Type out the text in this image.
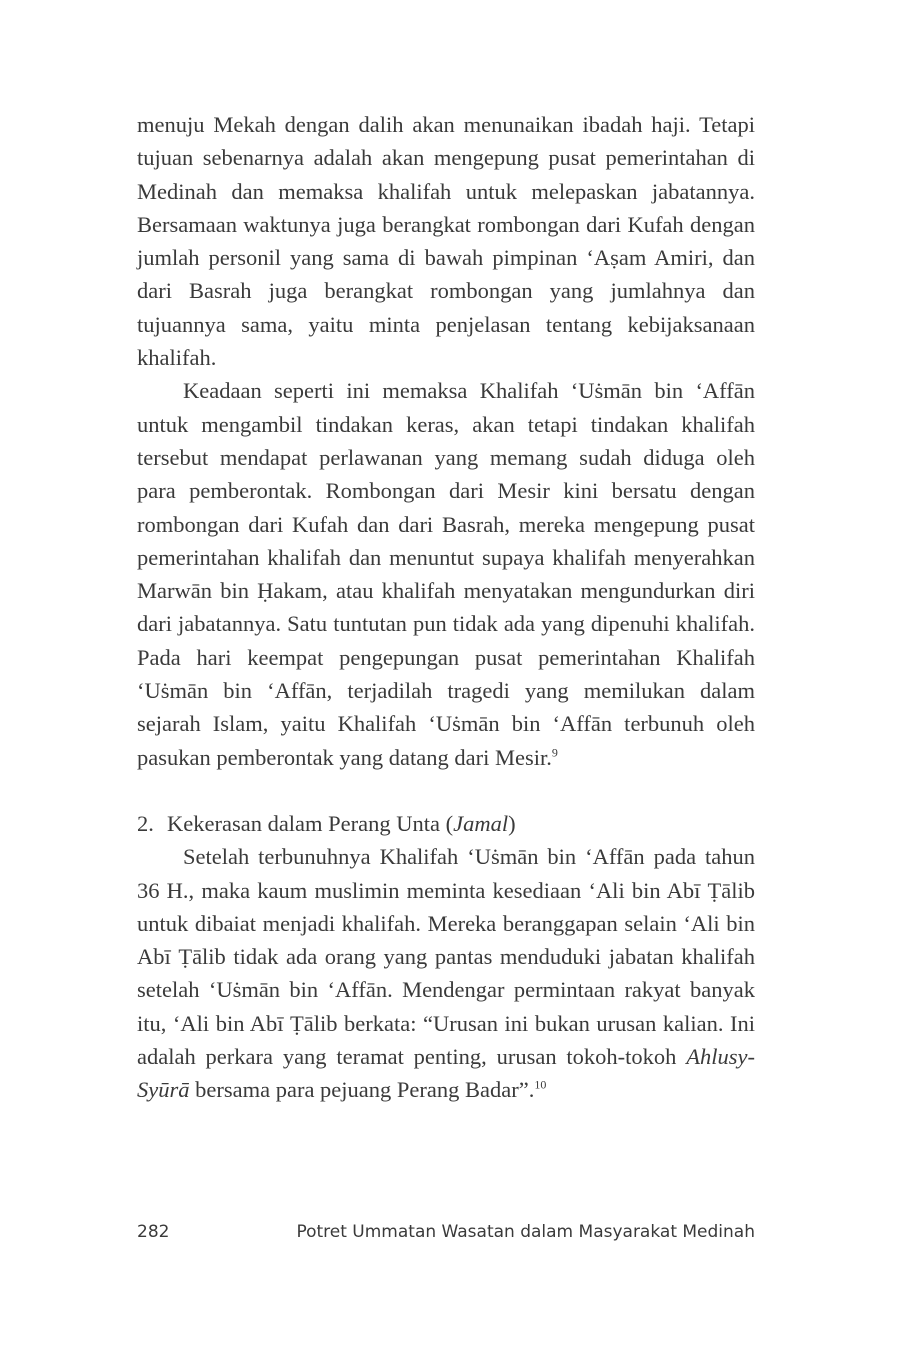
menuju Mekah dengan dalih akan menunaikan ibadah haji. Tetapi tujuan sebenarnya adalah akan mengepung pusat pemerintahan di Medinah dan memaksa khalifah untuk melepaskan jabatannya. Bersamaan waktunya juga berangkat rombongan dari Kufah dengan jumlah personil yang sama di bawah pimpinan ‘Aṣam Amiri, dan dari Basrah juga berangkat rombongan yang jumlahnya dan tujuannya sama, yaitu minta penjelasan tentang kebijaksanaan khalifah.

Keadaan seperti ini memaksa Khalifah ‘Uṡmān bin ‘Affān untuk mengambil tindakan keras, akan tetapi tindakan khalifah tersebut mendapat perlawanan yang memang sudah diduga oleh para pemberontak. Rombongan dari Mesir kini bersatu dengan rombongan dari Kufah dan dari Basrah, mereka mengepung pusat pemerintahan khalifah dan menuntut supaya khalifah menyerahkan Marwān bin Ḥakam, atau khalifah menyatakan mengundurkan diri dari jabatannya. Satu tuntutan pun tidak ada yang dipenuhi khalifah. Pada hari keempat pengepungan pusat pemerintahan Khalifah ‘Uṡmān bin ‘Affān, terjadilah tragedi yang memilukan dalam sejarah Islam, yaitu Khalifah ‘Uṡmān bin ‘Affān terbunuh oleh pasukan pemberontak yang datang dari Mesir.$^9$

2. Kekerasan dalam Perang Unta (Jamal)

Setelah terbunuhnya Khalifah ‘Uṡmān bin ‘Affān pada tahun 36 H., maka kaum muslimin meminta kesediaan ‘Ali bin Abī Ṭālib untuk dibaiat menjadi khalifah. Mereka beranggapan selain ‘Ali bin Abī Ṭālib tidak ada orang yang pantas menduduki jabatan khalifah setelah ‘Uṡmān bin ‘Affān. Mendengar permintaan rakyat banyak itu, ‘Ali bin Abī Ṭālib berkata: “Urusan ini bukan urusan kalian. Ini adalah perkara yang teramat penting, urusan tokoh-tokoh Ahlusy-Syūrā bersama para pejuang Perang Badar”.$^{10}$

282	Potret Ummatan Wasatan dalam Masyarakat Medinah
